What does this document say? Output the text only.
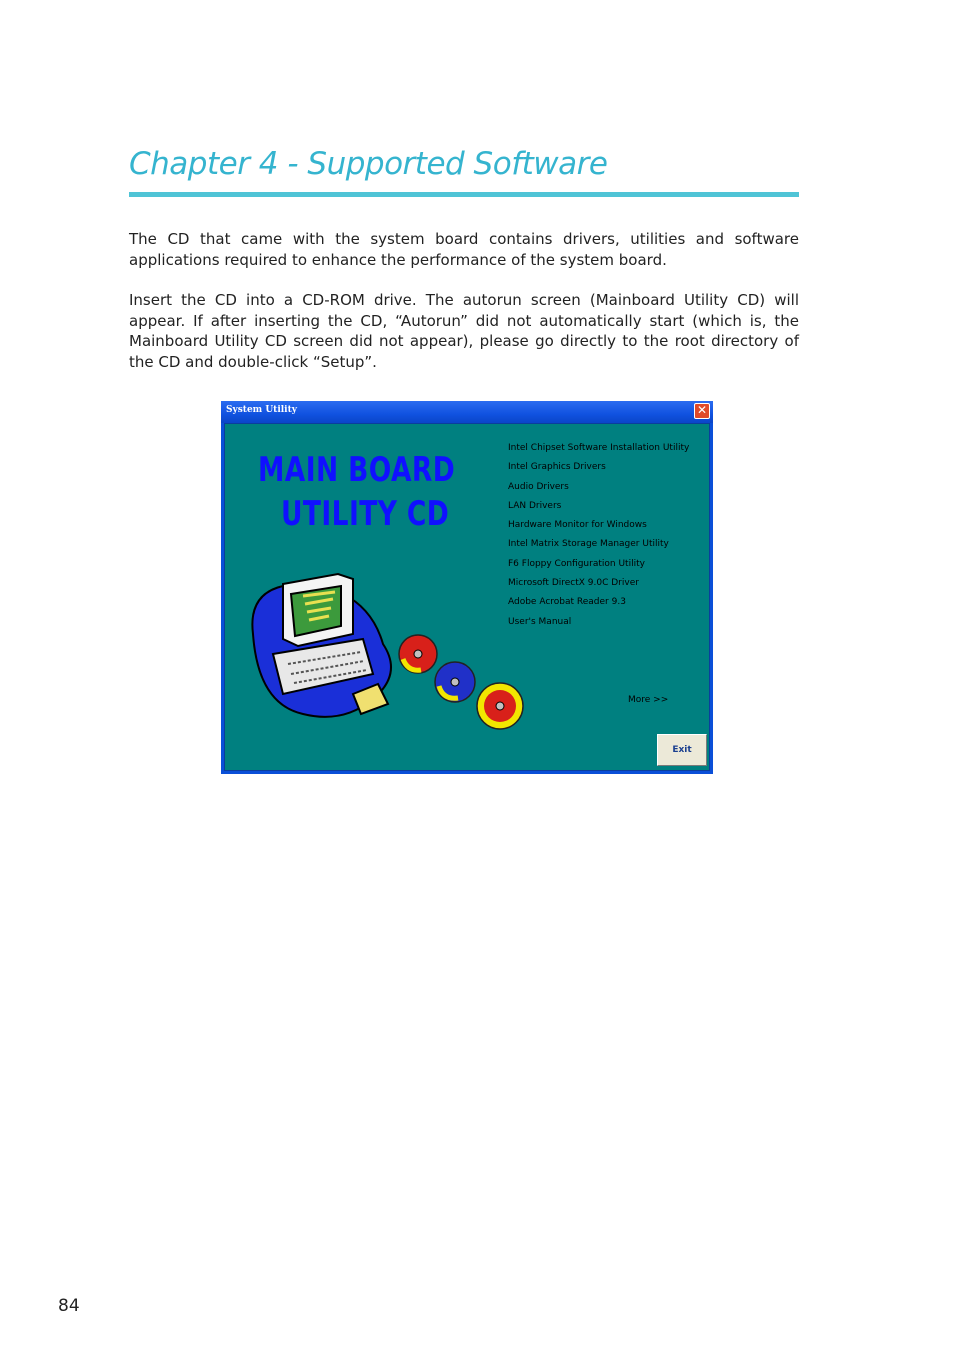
Chapter 4 - Supported Software

The CD that came with the system board contains drivers, utilities and software applications required to enhance the performance of the system board.

Insert the CD into a CD-ROM drive. The autorun screen (Mainboard Utility CD) will appear. If after inserting the CD, “Autorun” did not automatically start (which is, the Mainboard Utility CD screen did not appear), please go directly to the root directory of the CD and double-click “Setup”.

System Utility	✕
MAIN BOARD
UTILITY CD
Intel Chipset Software Installation Utility
Intel Graphics Drivers
Audio Drivers
LAN Drivers
Hardware Monitor for Windows
Intel Matrix Storage Manager Utility
F6 Floppy Configuration Utility
Microsoft DirectX 9.0C Driver
Adobe Acrobat Reader 9.3
User's Manual
More >>
Exit
84
